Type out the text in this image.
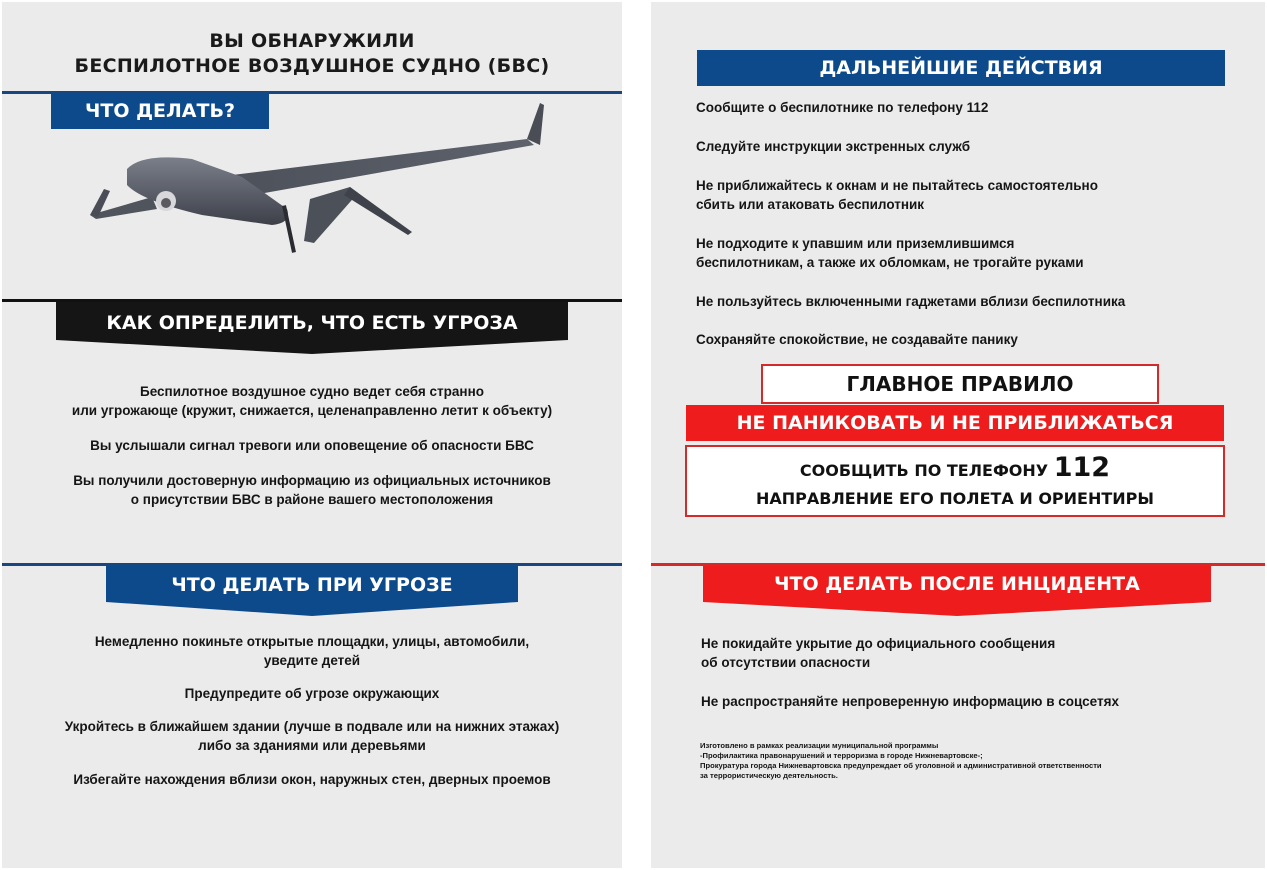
ВЫ ОБНАРУЖИЛИ
БЕСПИЛОТНОЕ ВОЗДУШНОЕ СУДНО (БВС)
ЧТО ДЕЛАТЬ?
КАК ОПРЕДЕЛИТЬ, ЧТО ЕСТЬ УГРОЗА
Беспилотное воздушное судно ведет себя странно
или угрожающе (кружит, снижается, целенаправленно летит к объекту)
Вы услышали сигнал тревоги или оповещение об опасности БВС
Вы получили достоверную информацию из официальных источников
о присутствии БВС в районе вашего местоположения
ЧТО ДЕЛАТЬ ПРИ УГРОЗЕ
Немедленно покиньте открытые площадки, улицы, автомобили,
уведите детей
Предупредите об угрозе окружающих
Укройтесь в ближайшем здании (лучше в подвале или на нижних этажах)
либо за зданиями или деревьями
Избегайте нахождения вблизи окон, наружных стен, дверных проемов
ДАЛЬНЕЙШИЕ ДЕЙСТВИЯ
Сообщите о беспилотнике по телефону 112
Следуйте инструкции экстренных служб
Не приближайтесь к окнам и не пытайтесь самостоятельно
сбить или атаковать беспилотник
Не подходите к упавшим или приземлившимся
беспилотникам, а также их обломкам, не трогайте руками
Не пользуйтесь включенными гаджетами вблизи беспилотника
Сохраняйте спокойствие, не создавайте панику
ГЛАВНОЕ ПРАВИЛО
НЕ ПАНИКОВАТЬ И НЕ ПРИБЛИЖАТЬСЯ
СООБЩИТЬ ПО ТЕЛЕФОНУ 112
НАПРАВЛЕНИЕ ЕГО ПОЛЕТА И ОРИЕНТИРЫ
ЧТО ДЕЛАТЬ ПОСЛЕ ИНЦИДЕНТА
Не покидайте укрытие до официального сообщения
об отсутствии опасности
Не распространяйте непроверенную информацию в соцсетях
Изготовлено в рамках реализации муниципальной программы
-Профилактика правонарушений и терроризма в городе Нижневартовске-;
Прокуратура города Нижневартовска предупреждает об уголовной и административной ответственности
за террористическую деятельность.
